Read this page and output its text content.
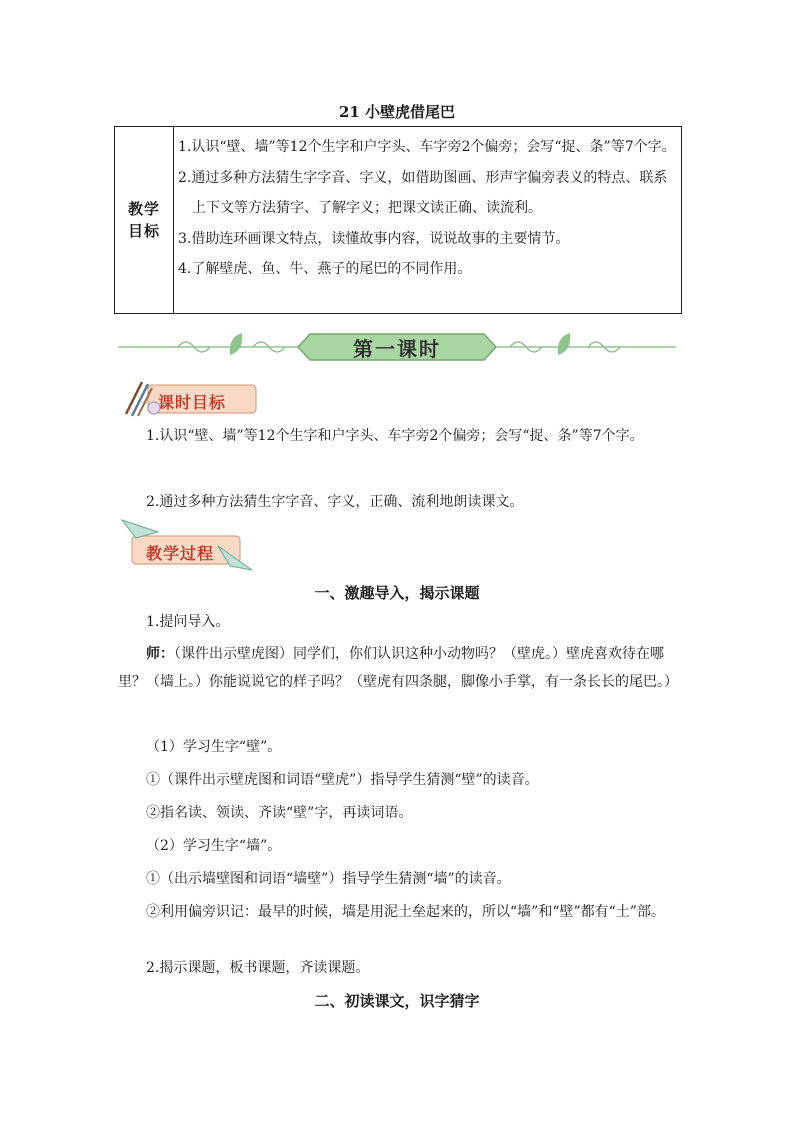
21 小壁虎借尾巴
教学目标
1.认识“壁、墙”等12个生字和户字头、车字旁2个偏旁；会写“捉、条”等7个字。
2.通过多种方法猜生字字音、字义，如借助图画、形声字偏旁表义的特点、联系上下文等方法猜字、了解字义；把课文读正确、读流利。
3.借助连环画课文特点，读懂故事内容，说说故事的主要情节。
4.了解壁虎、鱼、牛、燕子的尾巴的不同作用。
第一课时
课时目标
1.认识“壁、墙”等12个生字和户字头、车字旁2个偏旁；会写“捉、条”等7个字。
2.通过多种方法猜生字字音、字义，正确、流利地朗读课文。
教学过程
一、激趣导入，揭示课题
1.提问导入。
师：（课件出示壁虎图）同学们，你们认识这种小动物吗？（壁虎。）壁虎喜欢待在哪里？（墙上。）你能说说它的样子吗？（壁虎有四条腿，脚像小手掌，有一条长长的尾巴。）
（1）学习生字“壁”。
①（课件出示壁虎图和词语“壁虎”）指导学生猜测“壁”的读音。
②指名读、领读、齐读“壁”字，再读词语。
（2）学习生字“墙”。
①（出示墙壁图和词语“墙壁”）指导学生猜测“墙”的读音。
②利用偏旁识记：最早的时候，墙是用泥土垒起来的，所以“墙”和“壁”都有“土”部。
2.揭示课题，板书课题，齐读课题。
二、初读课文，识字猜字
